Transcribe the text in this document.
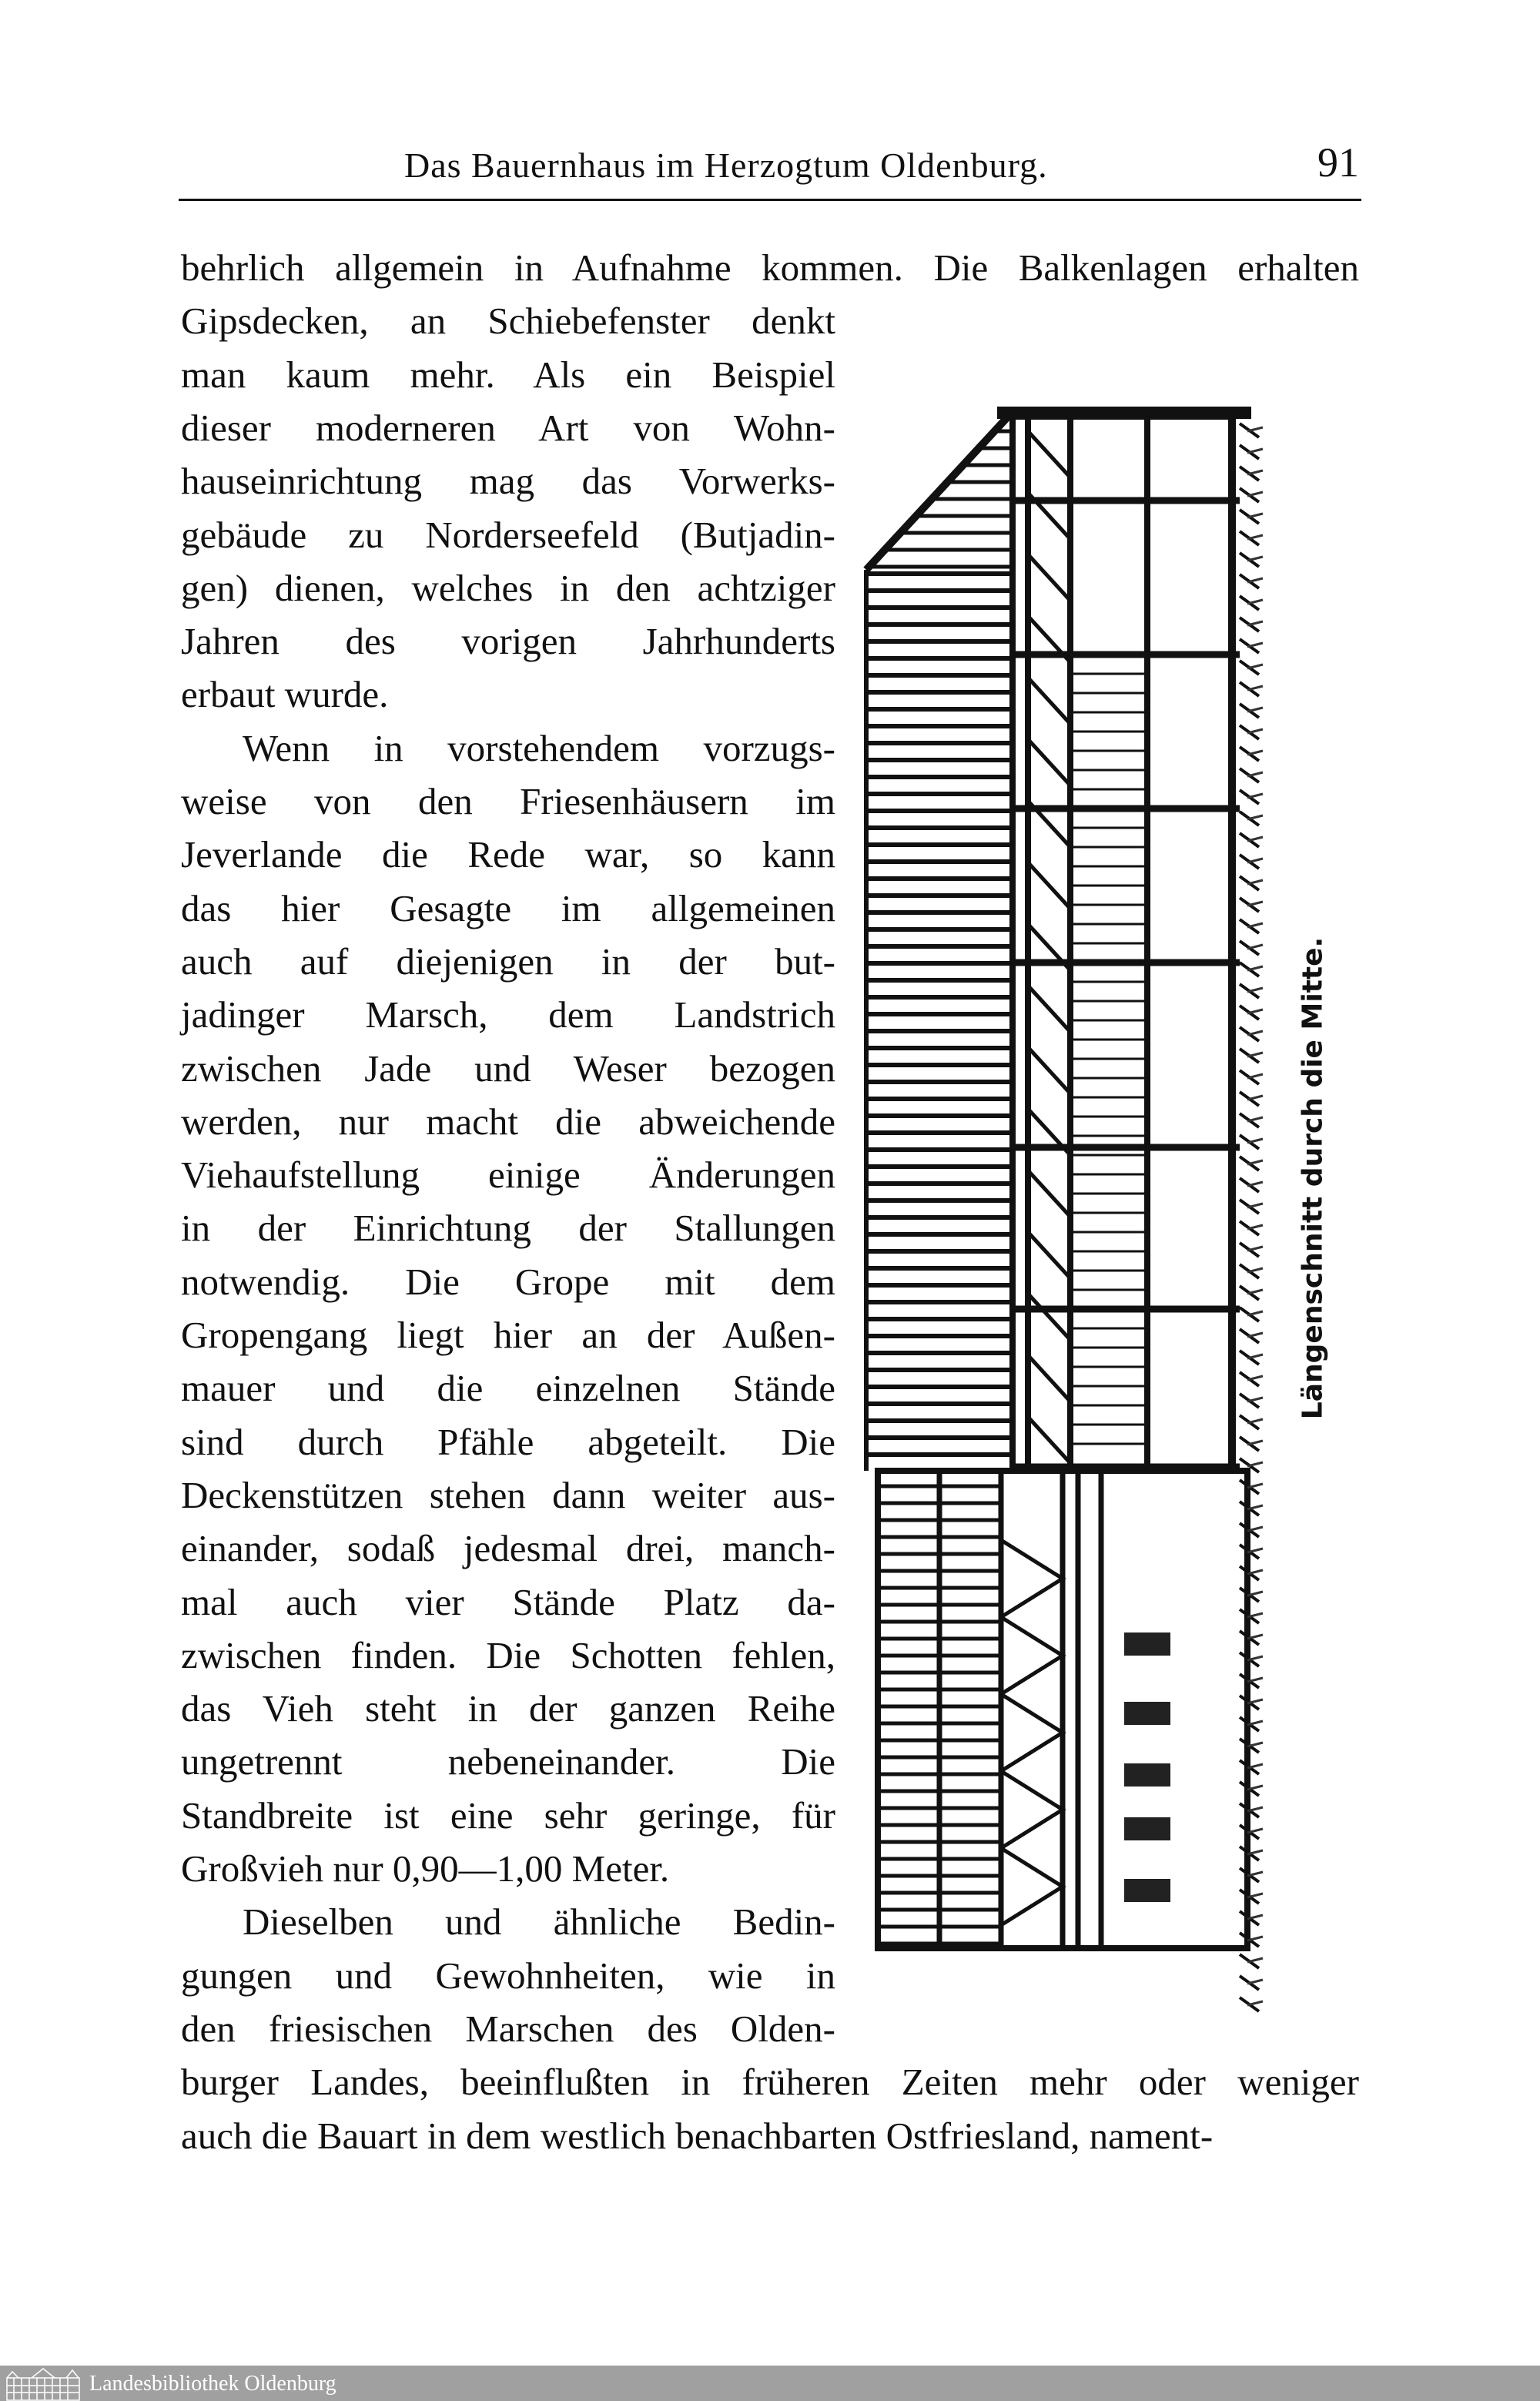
Das Bauernhaus im Herzogtum Oldenburg.	91
behrlich allgemein in Aufnahme kommen. Die Balkenlagen erhalten
Gipsdecken, an Schiebefenster denkt
man kaum mehr. Als ein Beispiel
dieser moderneren Art von Wohn-
hauseinrichtung mag das Vorwerks-
gebäude zu Norderseefeld (Butjadin-
gen) dienen, welches in den achtziger
Jahren des vorigen Jahrhunderts
erbaut wurde.
Wenn in vorstehendem vorzugs-
weise von den Friesenhäusern im
Jeverlande die Rede war, so kann
das hier Gesagte im allgemeinen
auch auf diejenigen in der but-
jadinger Marsch, dem Landstrich
zwischen Jade und Weser bezogen
werden, nur macht die abweichende
Viehaufstellung einige Änderungen
in der Einrichtung der Stallungen
notwendig. Die Grope mit dem
Gropengang liegt hier an der Außen-
mauer und die einzelnen Stände
sind durch Pfähle abgeteilt. Die
Deckenstützen stehen dann weiter aus-
einander, sodaß jedesmal drei, manch-
mal auch vier Stände Platz da-
zwischen finden. Die Schotten fehlen,
das Vieh steht in der ganzen Reihe
ungetrennt nebeneinander. Die
Standbreite ist eine sehr geringe, für
Großvieh nur 0,90—1,00 Meter.
Dieselben und ähnliche Bedin-
gungen und Gewohnheiten, wie in
den friesischen Marschen des Olden-
burger Landes, beeinflußten in früheren Zeiten mehr oder weniger
auch die Bauart in dem westlich benachbarten Ostfriesland, nament-
Längenschnitt durch die Mitte.
Landesbibliothek Oldenburg
